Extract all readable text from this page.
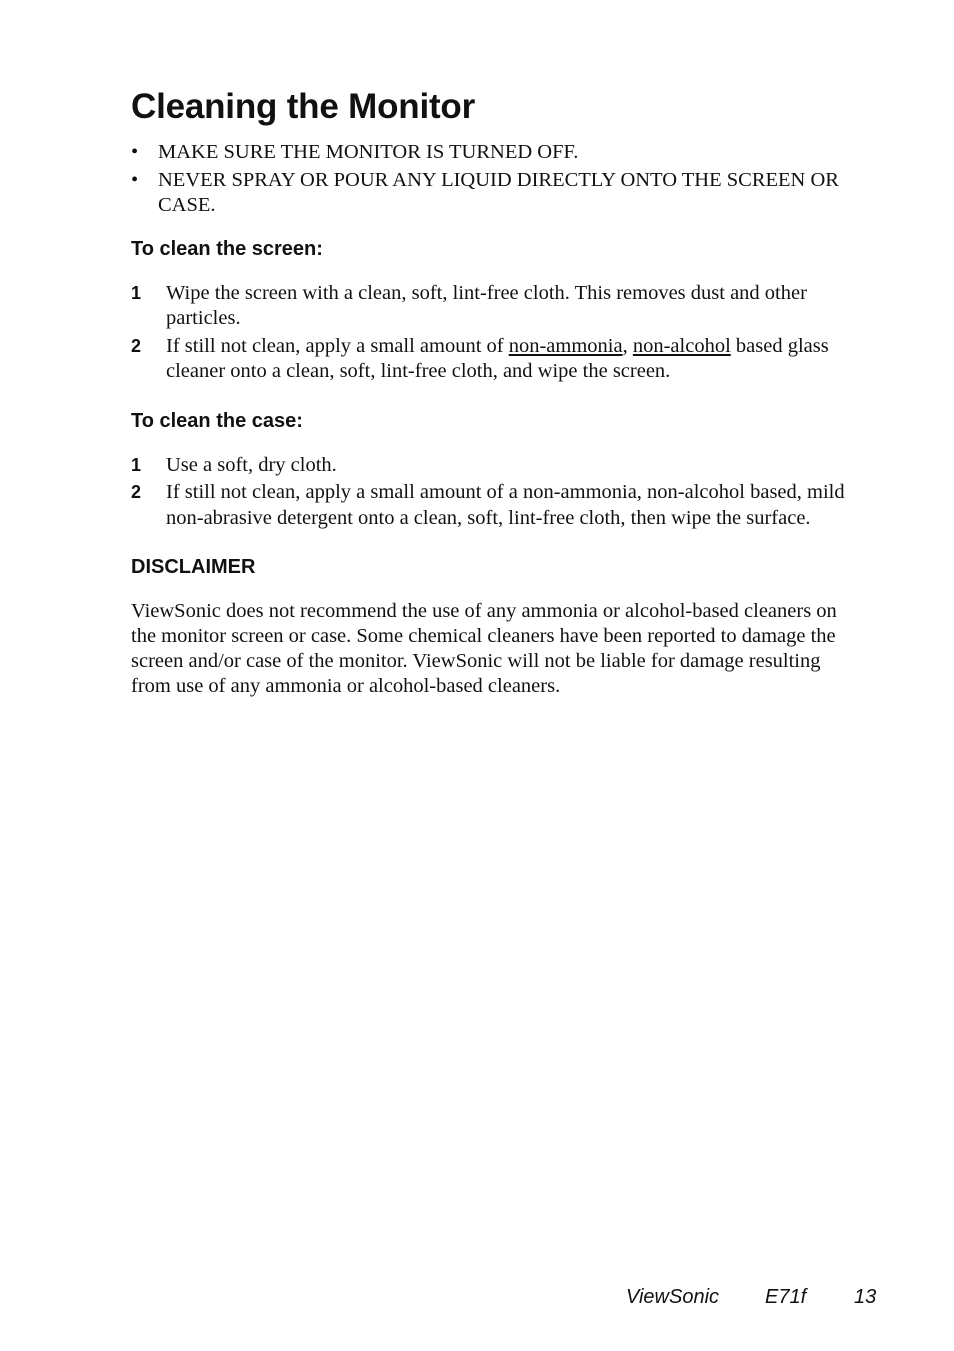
Cleaning the Monitor
• MAKE SURE THE MONITOR IS TURNED OFF.
• NEVER SPRAY OR POUR ANY LIQUID DIRECTLY ONTO THE SCREEN OR CASE.
To clean the screen:
1 Wipe the screen with a clean, soft, lint-free cloth. This removes dust and other particles.
2 If still not clean, apply a small amount of non-ammonia, non-alcohol based glass cleaner onto a clean, soft, lint-free cloth, and wipe the screen.
To clean the case:
1 Use a soft, dry cloth.
2 If still not clean, apply a small amount of a non-ammonia, non-alcohol based, mild non-abrasive detergent onto a clean, soft, lint-free cloth, then wipe the surface.
DISCLAIMER

ViewSonic does not recommend the use of any ammonia or alcohol-based cleaners on the monitor screen or case. Some chemical cleaners have been reported to damage the screen and/or case of the monitor. ViewSonic will not be liable for damage resulting from use of any ammonia or alcohol-based cleaners.

ViewSonic E71f 13
